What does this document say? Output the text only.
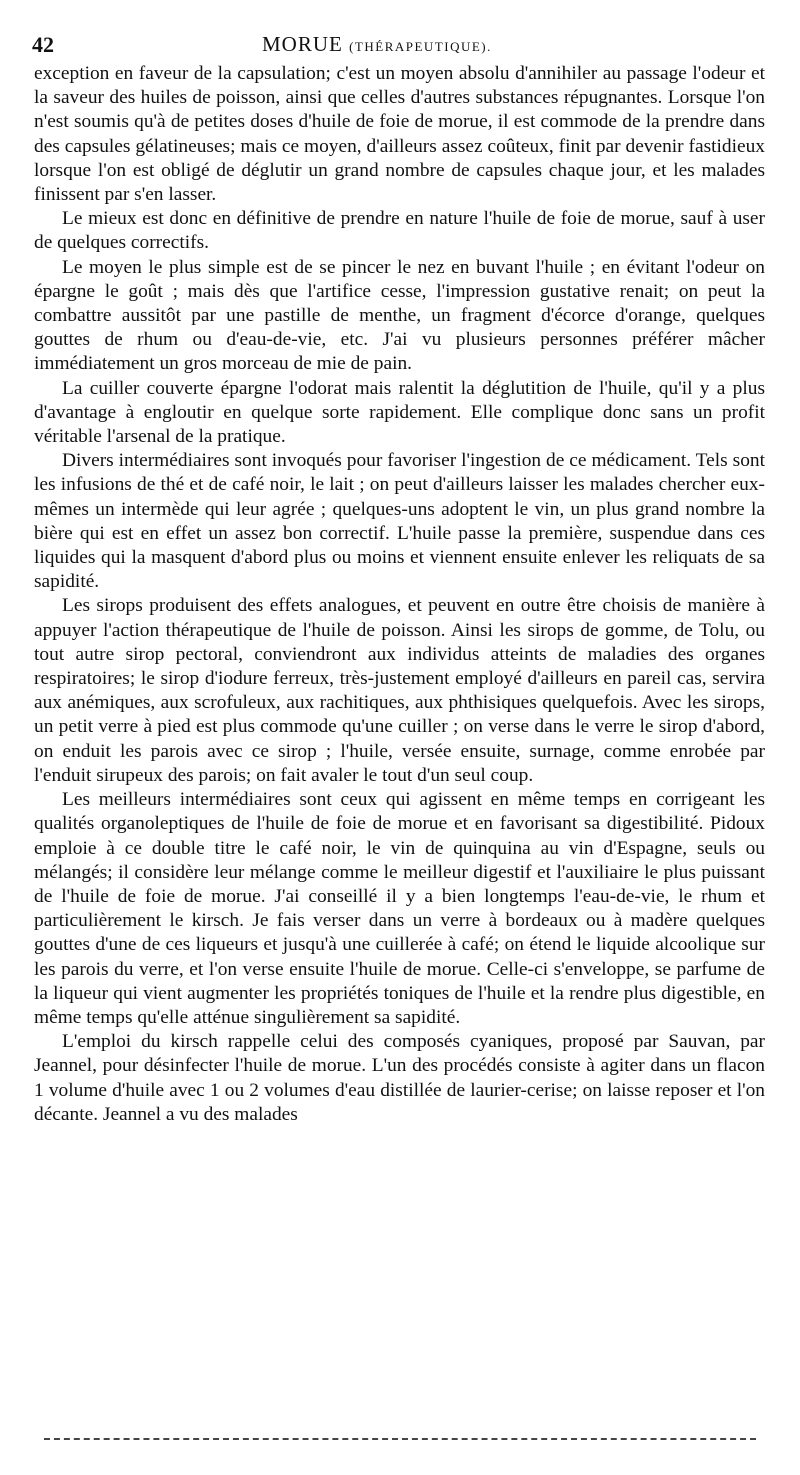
42	MORUE (THÉRAPEUTIQUE).

exception en faveur de la capsulation; c'est un moyen absolu d'annihiler au passage l'odeur et la saveur des huiles de poisson, ainsi que celles d'autres substances répugnantes. Lorsque l'on n'est soumis qu'à de petites doses d'huile de foie de morue, il est commode de la prendre dans des capsules gélatineuses; mais ce moyen, d'ailleurs assez coûteux, finit par devenir fastidieux lorsque l'on est obligé de déglutir un grand nombre de capsules chaque jour, et les malades finissent par s'en lasser.

Le mieux est donc en définitive de prendre en nature l'huile de foie de morue, sauf à user de quelques correctifs.

Le moyen le plus simple est de se pincer le nez en buvant l'huile ; en évitant l'odeur on épargne le goût ; mais dès que l'artifice cesse, l'impression gustative renait; on peut la combattre aussitôt par une pastille de menthe, un fragment d'écorce d'orange, quelques gouttes de rhum ou d'eau-de-vie, etc. J'ai vu plusieurs personnes préférer mâcher immédiatement un gros morceau de mie de pain.

La cuiller couverte épargne l'odorat mais ralentit la déglutition de l'huile, qu'il y a plus d'avantage à engloutir en quelque sorte rapidement. Elle complique donc sans un profit véritable l'arsenal de la pratique.

Divers intermédiaires sont invoqués pour favoriser l'ingestion de ce médicament. Tels sont les infusions de thé et de café noir, le lait ; on peut d'ailleurs laisser les malades chercher eux-mêmes un intermède qui leur agrée ; quelques-uns adoptent le vin, un plus grand nombre la bière qui est en effet un assez bon correctif. L'huile passe la première, suspendue dans ces liquides qui la masquent d'abord plus ou moins et viennent ensuite enlever les reliquats de sa sapidité.

Les sirops produisent des effets analogues, et peuvent en outre être choisis de manière à appuyer l'action thérapeutique de l'huile de poisson. Ainsi les sirops de gomme, de Tolu, ou tout autre sirop pectoral, conviendront aux individus atteints de maladies des organes respiratoires; le sirop d'iodure ferreux, très-justement employé d'ailleurs en pareil cas, servira aux anémiques, aux scrofuleux, aux rachitiques, aux phthisiques quelquefois. Avec les sirops, un petit verre à pied est plus commode qu'une cuiller ; on verse dans le verre le sirop d'abord, on enduit les parois avec ce sirop ; l'huile, versée ensuite, surnage, comme enrobée par l'enduit sirupeux des parois; on fait avaler le tout d'un seul coup.

Les meilleurs intermédiaires sont ceux qui agissent en même temps en corrigeant les qualités organoleptiques de l'huile de foie de morue et en favorisant sa digestibilité. Pidoux emploie à ce double titre le café noir, le vin de quinquina au vin d'Espagne, seuls ou mélangés; il considère leur mélange comme le meilleur digestif et l'auxiliaire le plus puissant de l'huile de foie de morue. J'ai conseillé il y a bien longtemps l'eau-de-vie, le rhum et particulièrement le kirsch. Je fais verser dans un verre à bordeaux ou à madère quelques gouttes d'une de ces liqueurs et jusqu'à une cuillerée à café; on étend le liquide alcoolique sur les parois du verre, et l'on verse ensuite l'huile de morue. Celle-ci s'enveloppe, se parfume de la liqueur qui vient augmenter les propriétés toniques de l'huile et la rendre plus digestible, en même temps qu'elle atténue singulièrement sa sapidité.

L'emploi du kirsch rappelle celui des composés cyaniques, proposé par Sauvan, par Jeannel, pour désinfecter l'huile de morue. L'un des procédés consiste à agiter dans un flacon 1 volume d'huile avec 1 ou 2 volumes d'eau distillée de laurier-cerise; on laisse reposer et l'on décante. Jeannel a vu des malades
